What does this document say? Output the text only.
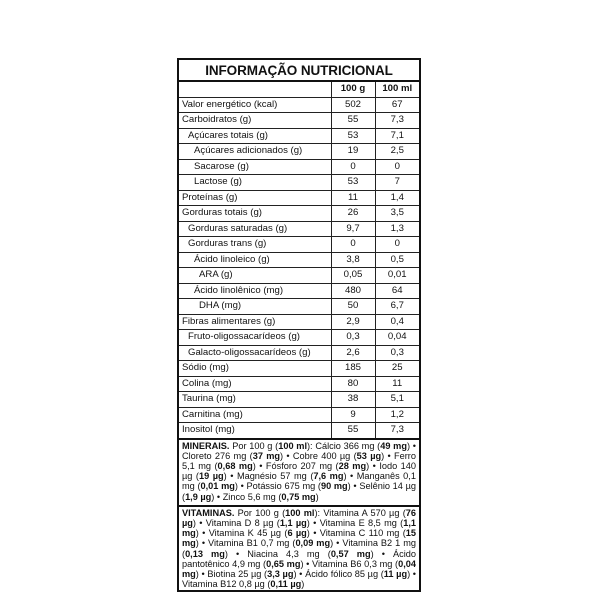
INFORMAÇÃO NUTRICIONAL
	100 g	100 ml
Valor energético (kcal)	502	67
Carboidratos (g)	55	7,3
Açúcares totais (g)	53	7,1
Açúcares adicionados (g)	19	2,5
Sacarose (g)	0	0
Lactose (g)	53	7
Proteínas (g)	11	1,4
Gorduras totais (g)	26	3,5
Gorduras saturadas (g)	9,7	1,3
Gorduras trans (g)	0	0
Ácido linoleico (g)	3,8	0,5
ARA (g)	0,05	0,01
Ácido linolênico (mg)	480	64
DHA (mg)	50	6,7
Fibras alimentares (g)	2,9	0,4
Fruto-oligossacarídeos (g)	0,3	0,04
Galacto-oligossacarídeos (g)	2,6	0,3
Sódio (mg)	185	25
Colina (mg)	80	11
Taurina (mg)	38	5,1
Carnitina (mg)	9	1,2
Inositol (mg)	55	7,3
MINERAIS. Por 100 g (100 ml): Cálcio 366 mg (49 mg) • Cloreto 276 mg (37 mg) • Cobre 400 µg (53 µg) • Ferro 5,1 mg (0,68 mg) • Fósforo 207 mg (28 mg) • Iodo 140 µg (19 µg) • Magnésio 57 mg (7,6 mg) • Manganês 0,1 mg (0,01 mg) • Potássio 675 mg (90 mg) • Selênio 14 µg (1,9 µg) • Zinco 5,6 mg (0,75 mg)
VITAMINAS. Por 100 g (100 ml): Vitamina A 570 µg (76 µg) • Vitamina D 8 µg (1,1 µg) • Vitamina E 8,5 mg (1,1 mg) • Vitamina K 45 µg (6 µg) • Vitamina C 110 mg (15 mg) • Vitamina B1 0,7 mg (0,09 mg) • Vitamina B2 1 mg (0,13 mg) • Niacina 4,3 mg (0,57 mg) • Ácido pantotênico 4,9 mg (0,65 mg) • Vitamina B6 0,3 mg (0,04 mg) • Biotina 25 µg (3,3 µg) • Ácido fólico 85 µg (11 µg) • Vitamina B12 0,8 µg (0,11 µg)
